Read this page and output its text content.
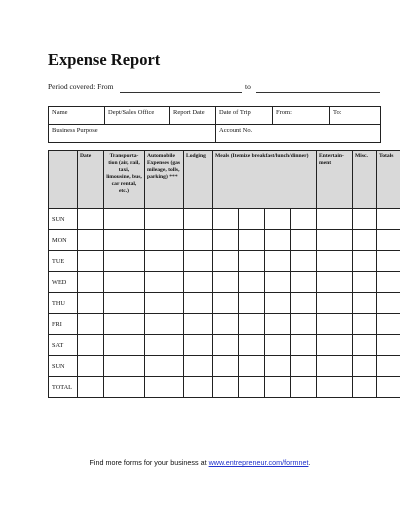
Expense Report
Period covered: From	to
Name	Dept/Sales Office	Report Date	Date of Trip	From:	To:
Business Purpose			Account No.		
	Date	Transporta-tion (air, rail, taxi, limousine, bus, car rental, etc.)	Automobile Expenses (gas mileage, tolls, parking) ***	Lodging	Meals (Itemize breakfast/lunch/dinner)				Entertain-ment	Misc.	Totals
SUN											
MON											
TUE											
WED											
THU											
FRI											
SAT											
SUN											
TOTAL											
Find more forms for your business at www.entrepreneur.com/formnet.
